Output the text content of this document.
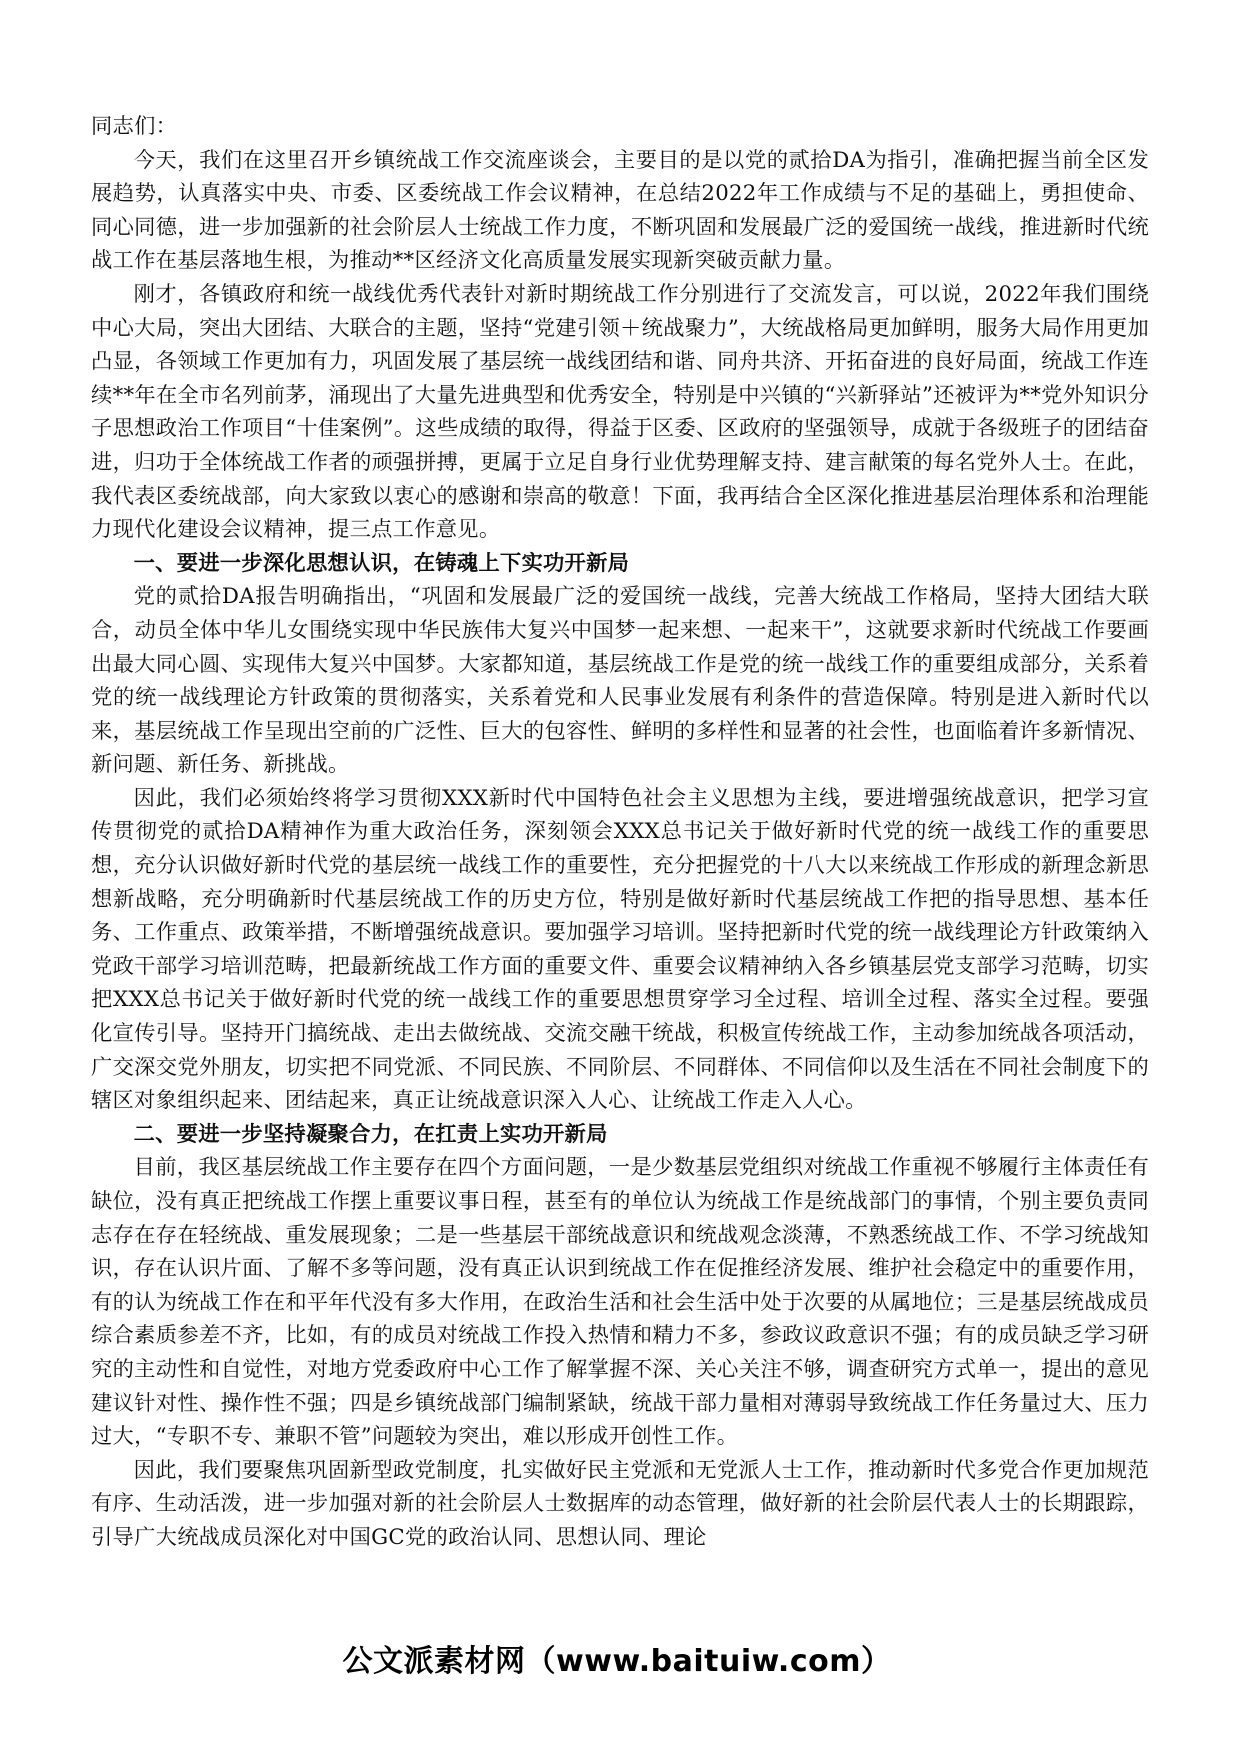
同志们：

今天，我们在这里召开乡镇统战工作交流座谈会，主要目的是以党的贰拾DA为指引，准确把握当前全区发展趋势，认真落实中央、市委、区委统战工作会议精神，在总结2022年工作成绩与不足的基础上，勇担使命、同心同德，进一步加强新的社会阶层人士统战工作力度，不断巩固和发展最广泛的爱国统一战线，推进新时代统战工作在基层落地生根，为推动**区经济文化高质量发展实现新突破贡献力量。

刚才，各镇政府和统一战线优秀代表针对新时期统战工作分别进行了交流发言，可以说，2022年我们围绕中心大局，突出大团结、大联合的主题，坚持“党建引领＋统战聚力”，大统战格局更加鲜明，服务大局作用更加凸显，各领域工作更加有力，巩固发展了基层统一战线团结和谐、同舟共济、开拓奋进的良好局面，统战工作连续**年在全市名列前茅，涌现出了大量先进典型和优秀安全，特别是中兴镇的“兴新驿站”还被评为**党外知识分子思想政治工作项目“十佳案例”。这些成绩的取得，得益于区委、区政府的坚强领导，成就于各级班子的团结奋进，归功于全体统战工作者的顽强拼搏，更属于立足自身行业优势理解支持、建言献策的每名党外人士。在此，我代表区委统战部，向大家致以衷心的感谢和崇高的敬意！下面，我再结合全区深化推进基层治理体系和治理能力现代化建设会议精神，提三点工作意见。

一、要进一步深化思想认识，在铸魂上下实功开新局

党的贰拾DA报告明确指出，“巩固和发展最广泛的爱国统一战线，完善大统战工作格局，坚持大团结大联合，动员全体中华儿女围绕实现中华民族伟大复兴中国梦一起来想、一起来干”，这就要求新时代统战工作要画出最大同心圆、实现伟大复兴中国梦。大家都知道，基层统战工作是党的统一战线工作的重要组成部分，关系着党的统一战线理论方针政策的贯彻落实，关系着党和人民事业发展有利条件的营造保障。特别是进入新时代以来，基层统战工作呈现出空前的广泛性、巨大的包容性、鲜明的多样性和显著的社会性，也面临着许多新情况、新问题、新任务、新挑战。

因此，我们必须始终将学习贯彻XXX新时代中国特色社会主义思想为主线，要进增强统战意识，把学习宣传贯彻党的贰拾DA精神作为重大政治任务，深刻领会XXX总书记关于做好新时代党的统一战线工作的重要思想，充分认识做好新时代党的基层统一战线工作的重要性，充分把握党的十八大以来统战工作形成的新理念新思想新战略，充分明确新时代基层统战工作的历史方位，特别是做好新时代基层统战工作把的指导思想、基本任务、工作重点、政策举措，不断增强统战意识。要加强学习培训。坚持把新时代党的统一战线理论方针政策纳入党政干部学习培训范畴，把最新统战工作方面的重要文件、重要会议精神纳入各乡镇基层党支部学习范畴，切实把XXX总书记关于做好新时代党的统一战线工作的重要思想贯穿学习全过程、培训全过程、落实全过程。要强化宣传引导。坚持开门搞统战、走出去做统战、交流交融干统战，积极宣传统战工作，主动参加统战各项活动，广交深交党外朋友，切实把不同党派、不同民族、不同阶层、不同群体、不同信仰以及生活在不同社会制度下的辖区对象组织起来、团结起来，真正让统战意识深入人心、让统战工作走入人心。

二、要进一步坚持凝聚合力，在扛责上实功开新局

目前，我区基层统战工作主要存在四个方面问题，一是少数基层党组织对统战工作重视不够履行主体责任有缺位，没有真正把统战工作摆上重要议事日程，甚至有的单位认为统战工作是统战部门的事情，个别主要负责同志存在存在轻统战、重发展现象；二是一些基层干部统战意识和统战观念淡薄，不熟悉统战工作、不学习统战知识，存在认识片面、了解不多等问题，没有真正认识到统战工作在促推经济发展、维护社会稳定中的重要作用，有的认为统战工作在和平年代没有多大作用，在政治生活和社会生活中处于次要的从属地位；三是基层统战成员综合素质参差不齐，比如，有的成员对统战工作投入热情和精力不多，参政议政意识不强；有的成员缺乏学习研究的主动性和自觉性，对地方党委政府中心工作了解掌握不深、关心关注不够，调查研究方式单一，提出的意见建议针对性、操作性不强；四是乡镇统战部门编制紧缺，统战干部力量相对薄弱导致统战工作任务量过大、压力过大，“专职不专、兼职不管”问题较为突出，难以形成开创性工作。

因此，我们要聚焦巩固新型政党制度，扎实做好民主党派和无党派人士工作，推动新时代多党合作更加规范有序、生动活泼，进一步加强对新的社会阶层人士数据库的动态管理，做好新的社会阶层代表人士的长期跟踪，引导广大统战成员深化对中国GC党的政治认同、思想认同、理论

公文派素材网（www.baituiw.com）
